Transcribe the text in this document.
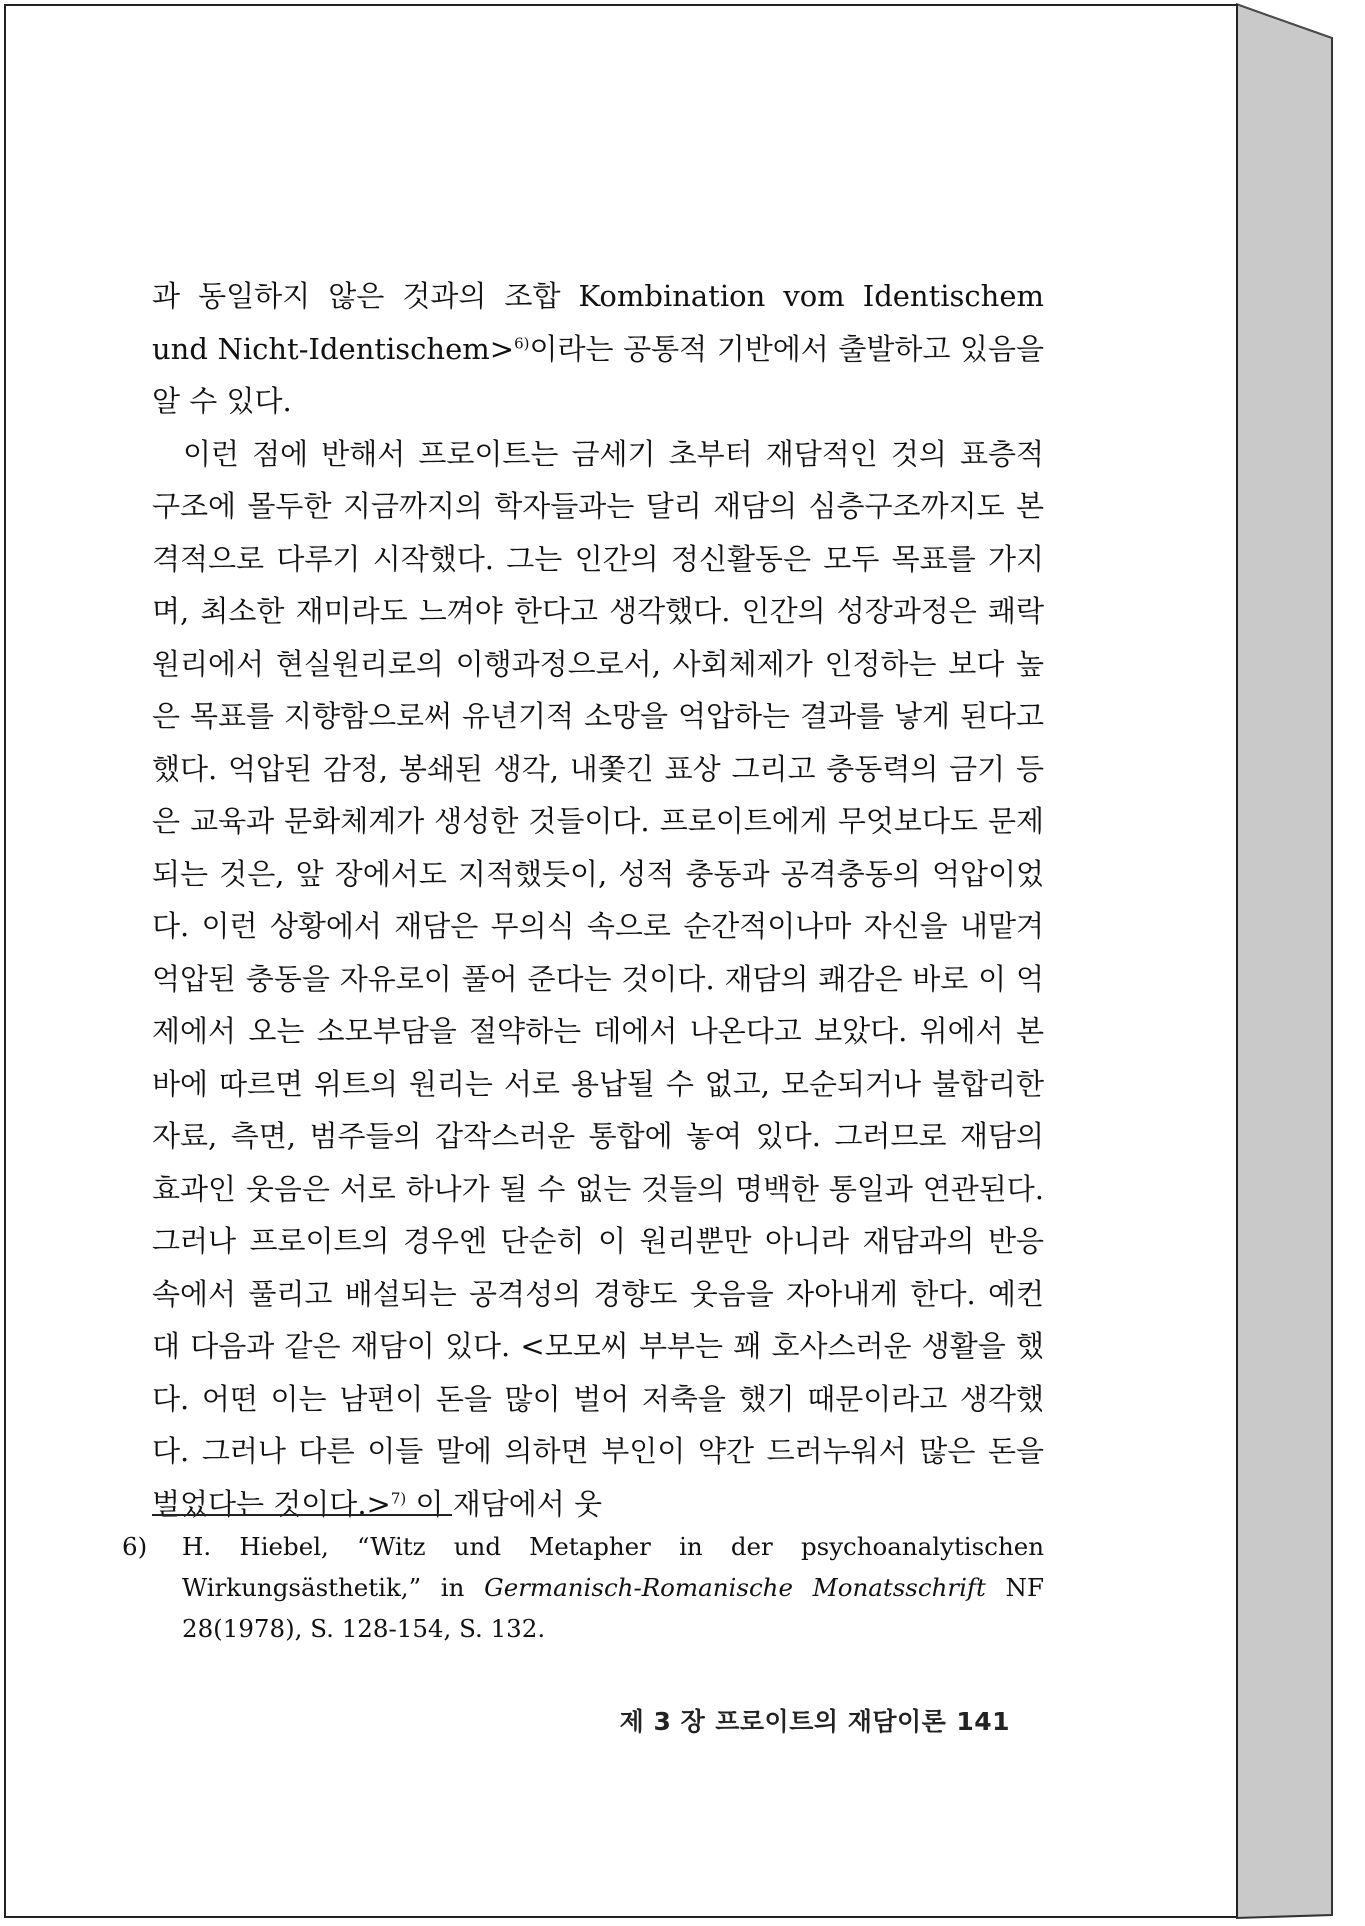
과 동일하지 않은 것과의 조합 Kombination vom Identischem und Nicht-Identischem>$^{6)}$이라는 공통적 기반에서 출발하고 있음을 알 수 있다.

이런 점에 반해서 프로이트는 금세기 초부터 재담적인 것의 표층적 구조에 몰두한 지금까지의 학자들과는 달리 재담의 심층구조까지도 본격적으로 다루기 시작했다. 그는 인간의 정신활동은 모두 목표를 가지며, 최소한 재미라도 느껴야 한다고 생각했다. 인간의 성장과정은 쾌락원리에서 현실원리로의 이행과정으로서, 사회체제가 인정하는 보다 높은 목표를 지향함으로써 유년기적 소망을 억압하는 결과를 낳게 된다고 했다. 억압된 감정, 봉쇄된 생각, 내쫓긴 표상 그리고 충동력의 금기 등은 교육과 문화체계가 생성한 것들이다. 프로이트에게 무엇보다도 문제되는 것은, 앞 장에서도 지적했듯이, 성적 충동과 공격충동의 억압이었다. 이런 상황에서 재담은 무의식 속으로 순간적이나마 자신을 내맡겨 억압된 충동을 자유로이 풀어 준다는 것이다. 재담의 쾌감은 바로 이 억제에서 오는 소모부담을 절약하는 데에서 나온다고 보았다. 위에서 본 바에 따르면 위트의 원리는 서로 용납될 수 없고, 모순되거나 불합리한 자료, 측면, 범주들의 갑작스러운 통합에 놓여 있다. 그러므로 재담의 효과인 웃음은 서로 하나가 될 수 없는 것들의 명백한 통일과 연관된다. 그러나 프로이트의 경우엔 단순히 이 원리뿐만 아니라 재담과의 반응 속에서 풀리고 배설되는 공격성의 경향도 웃음을 자아내게 한다. 예컨대 다음과 같은 재담이 있다. <모모씨 부부는 꽤 호사스러운 생활을 했다. 어떤 이는 남편이 돈을 많이 벌어 저축을 했기 때문이라고 생각했다. 그러나 다른 이들 말에 의하면 부인이 약간 드러누워서 많은 돈을 벌었다는 것이다.>$^{7)}$ 이 재담에서 웃

6) H. Hiebel, “Witz und Metapher in der psychoanalytischen Wirkungsästhetik,” in Germanisch-Romanische Monatsschrift NF 28(1978), S. 128-154, S. 132.
제 3 장 프로이트의 재담이론 141
